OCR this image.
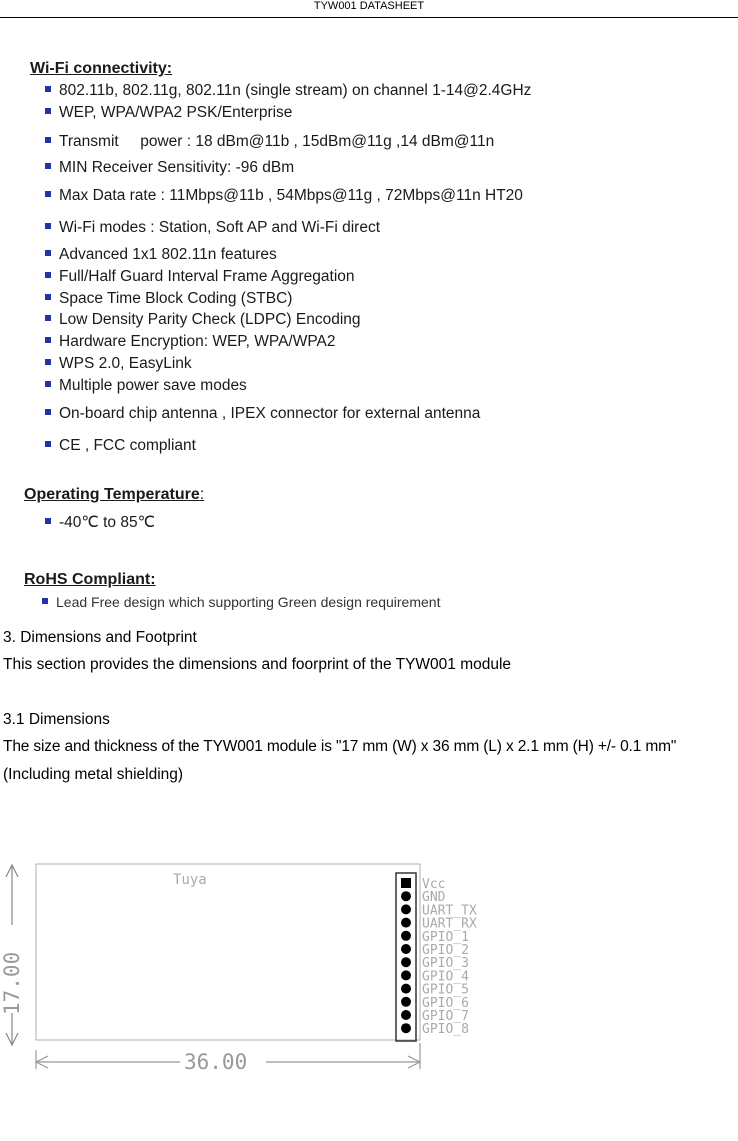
TYW001 DATASHEET
Wi-Fi connectivity:
802.11b, 802.11g, 802.11n (single stream) on channel 1-14@2.4GHz
WEP, WPA/WPA2 PSK/Enterprise
Transmit     power : 18 dBm@11b , 15dBm@11g ,14 dBm@11n
MIN Receiver Sensitivity: -96 dBm
Max Data rate : 11Mbps@11b , 54Mbps@11g , 72Mbps@11n HT20
Wi-Fi modes : Station, Soft AP and Wi-Fi direct
Advanced 1x1 802.11n features
Full/Half Guard Interval Frame Aggregation
Space Time Block Coding (STBC)
Low Density Parity Check (LDPC) Encoding
Hardware Encryption: WEP, WPA/WPA2
WPS 2.0, EasyLink
Multiple power save modes
On-board chip antenna , IPEX connector for external antenna
CE , FCC compliant
Operating Temperature:
-40℃ to 85℃
RoHS Compliant:
Lead Free design which supporting Green design requirement
3. Dimensions and Footprint
This section provides the dimensions and foorprint of the TYW001 module
3.1 Dimensions
The size and thickness of the TYW001 module is "17 mm (W) x 36 mm (L) x 2.1 mm (H) +/- 0.1 mm"
(Including metal shielding)
Tuya
17.00
36.00
Vcc
GND
UART_TX
UART_RX
GPIO_1
GPIO_2
GPIO_3
GPIO_4
GPIO_5
GPIO_6
GPIO_7
GPIO_8
